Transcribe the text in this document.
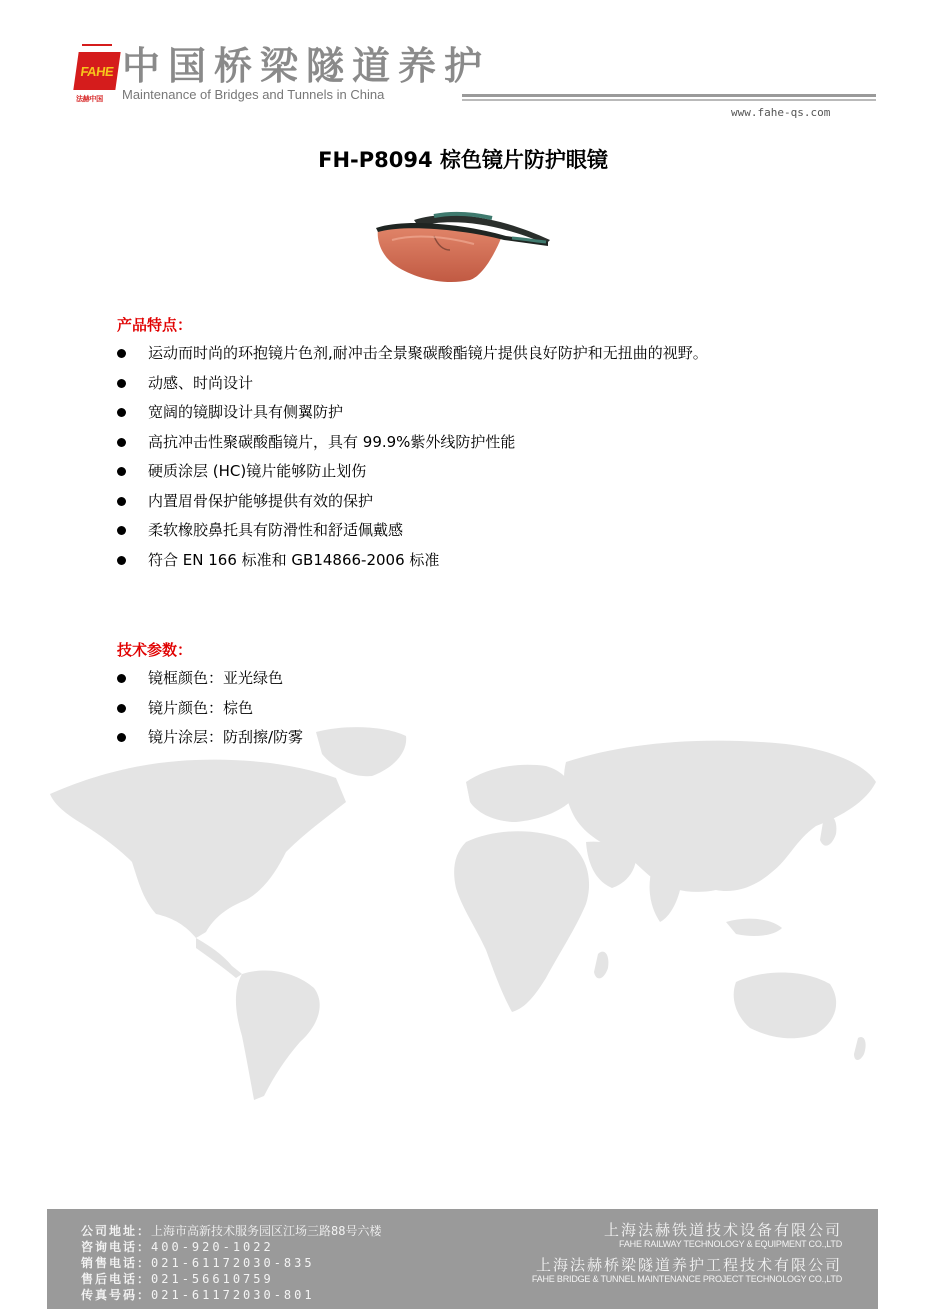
FAHE
法赫中国
中国桥梁隧道养护
Maintenance of Bridges and Tunnels in China
www.fahe-qs.com
FH-P8094 棕色镜片防护眼镜
产品特点：
运动而时尚的环抱镜片色剂,耐冲击全景聚碳酸酯镜片提供良好防护和无扭曲的视野。
动感、时尚设计
宽阔的镜脚设计具有侧翼防护
高抗冲击性聚碳酸酯镜片，具有 99.9%紫外线防护性能
硬质涂层 (HC)镜片能够防止划伤
内置眉骨保护能够提供有效的保护
柔软橡胶鼻托具有防滑性和舒适佩戴感
符合 EN 166 标准和 GB14866-2006 标准
技术参数：
镜框颜色：亚光绿色
镜片颜色：棕色
镜片涂层：防刮擦/防雾
公司地址：上海市高新技术服务园区江场三路88号六楼
咨询电话：400-920-1022
销售电话：021-61172030-835
售后电话：021-56610759
传真号码：021-61172030-801
上海法赫铁道技术设备有限公司
FAHE RAILWAY TECHNOLOGY & EQUIPMENT CO.,LTD
上海法赫桥梁隧道养护工程技术有限公司
FAHE BRIDGE & TUNNEL MAINTENANCE PROJECT TECHNOLOGY CO.,LTD
